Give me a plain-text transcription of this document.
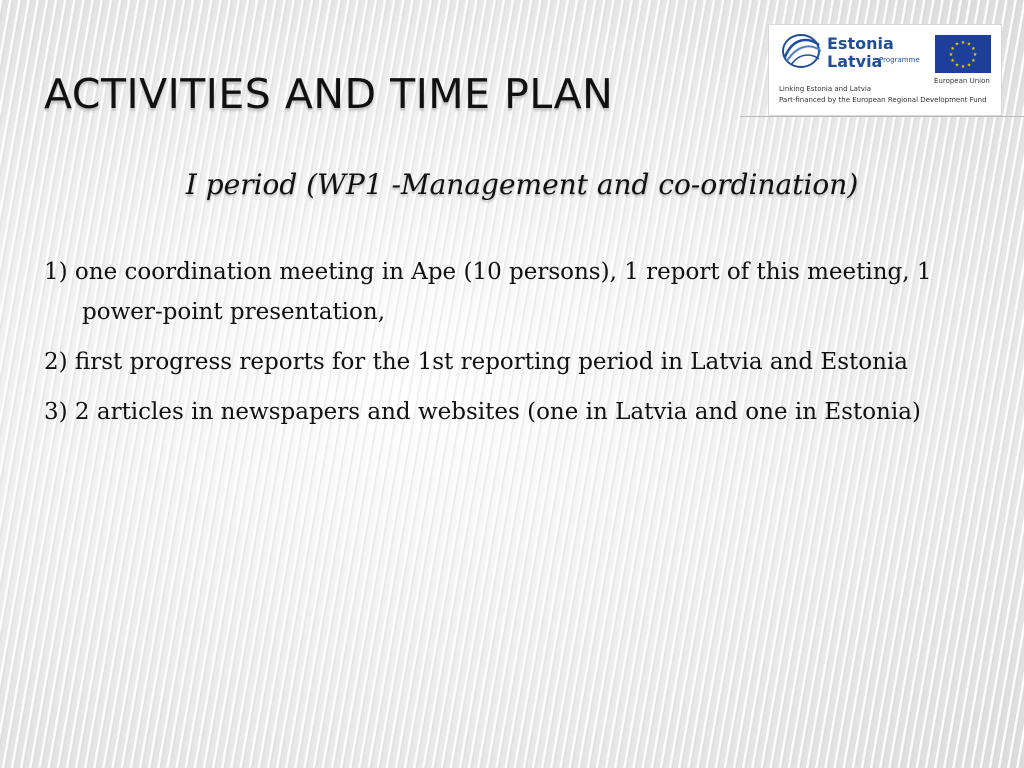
ACTIVITIES AND TIME PLAN
Estonia
Latvia
Programme
★
★
★
★
★
★
★
★
★ ★ ★
★
European Union
Linking Estonia and Latvia
Part-financed by the European Regional Development Fund
I period (WP1 -Management and co-ordination)
1) one coordination meeting in Ape (10 persons), 1 report of this meeting, 1 power-point presentation,
2) first progress reports for the 1st reporting period in Latvia and Estonia
3) 2 articles in newspapers and websites (one in Latvia and one in Estonia)
